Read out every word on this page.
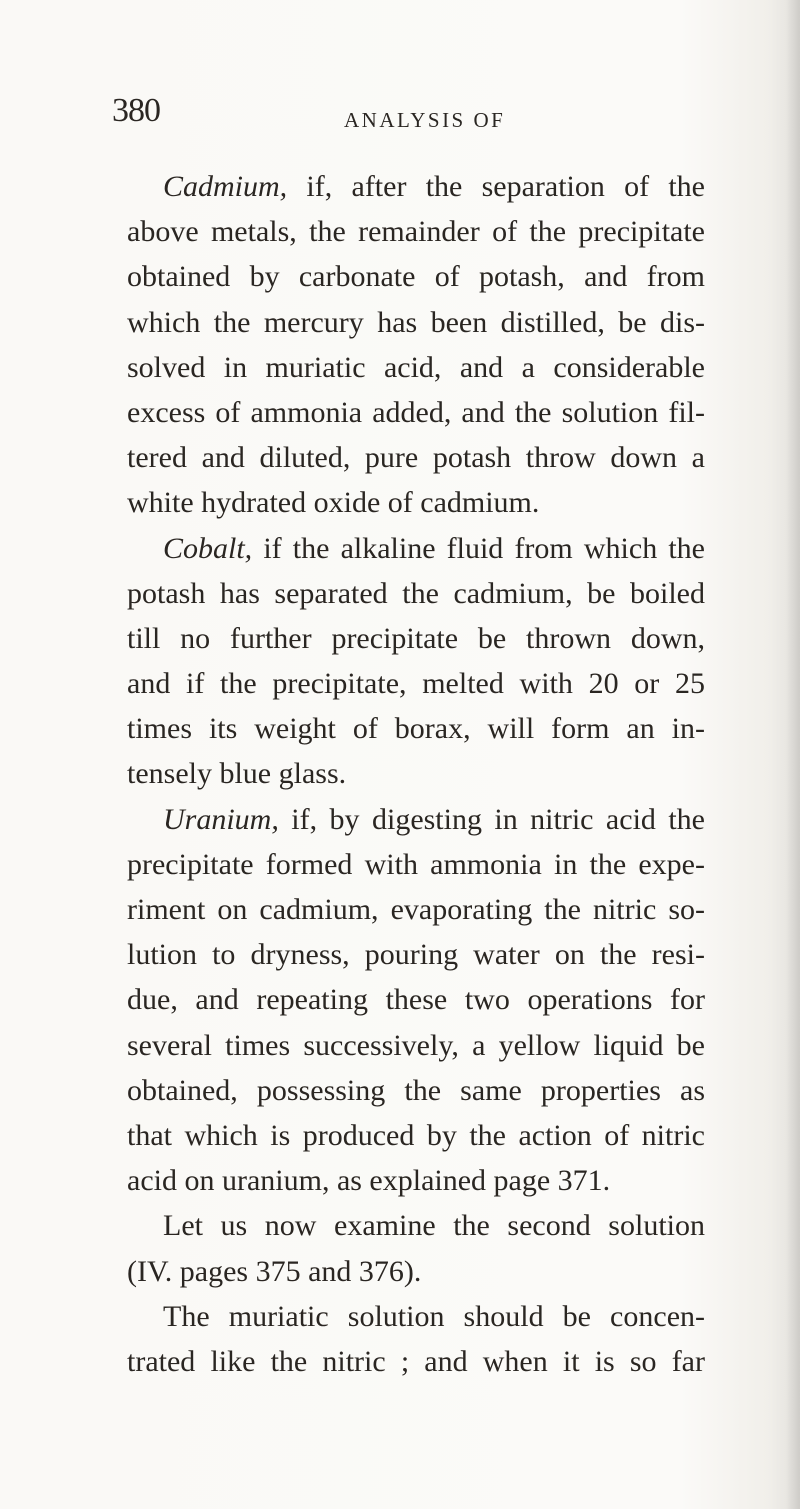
380	ANALYSIS OF
Cadmium, if, after the separation of the
above metals, the remainder of the precipitate
obtained by carbonate of potash, and from
which the mercury has been distilled, be dis-
solved in muriatic acid, and a considerable
excess of ammonia added, and the solution fil-
tered and diluted, pure potash throw down a
white hydrated oxide of cadmium.
Cobalt, if the alkaline fluid from which the
potash has separated the cadmium, be boiled
till no further precipitate be thrown down,
and if the precipitate, melted with 20 or 25
times its weight of borax, will form an in-
tensely blue glass.
Uranium, if, by digesting in nitric acid the
precipitate formed with ammonia in the expe-
riment on cadmium, evaporating the nitric so-
lution to dryness, pouring water on the resi-
due, and repeating these two operations for
several times successively, a yellow liquid be
obtained, possessing the same properties as
that which is produced by the action of nitric
acid on uranium, as explained page 371.
Let us now examine the second solution
(IV. pages 375 and 376).
The muriatic solution should be concen-
trated like the nitric ; and when it is so far
